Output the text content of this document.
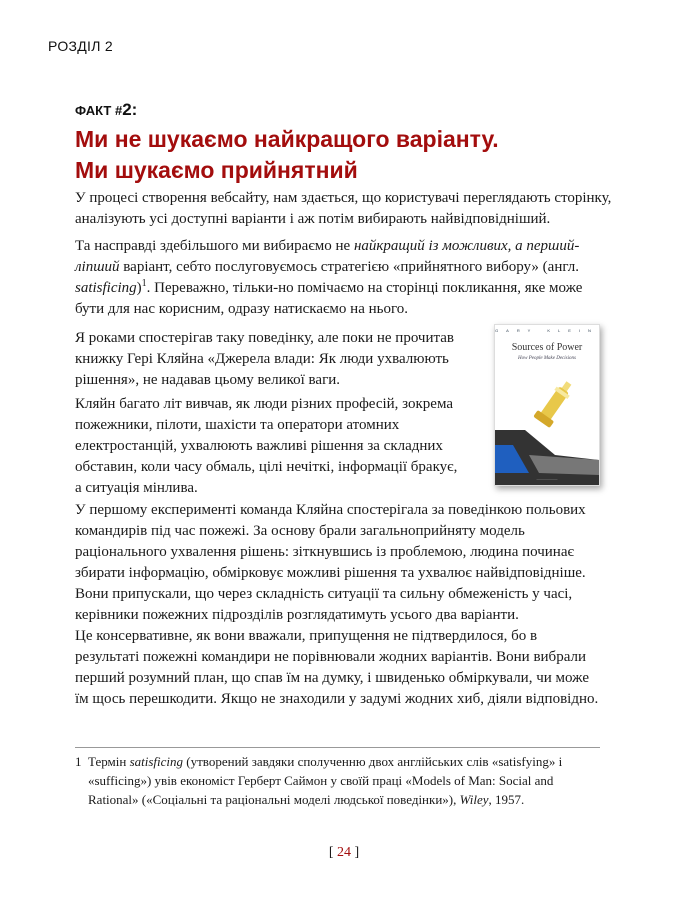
РОЗДІЛ 2
ФАКТ #2:
Ми не шукаємо найкращого варіанту.
Ми шукаємо прийнятний

У процесі створення вебсайту, нам здається, що користувачі переглядають сторінку, аналізують усі доступні варіанти і аж потім вибирають найвідповідніший.

Та насправді здебільшого ми вибираємо не найкращий із можливих, а перший-ліпший варіант, себто послуговуємось стратегією «прийнятного вибору» (англ. satisficing)$^1$. Переважно, тільки-но помічаємо на сторінці покликання, яке може бути для нас корисним, одразу натискаємо на нього.

Я роками спостерігав таку поведінку, але поки не прочитав книжку Гері Кляйна «Джерела влади: Як люди ухвалюють рішення», не надавав цьому великої ваги.

Кляйн багато літ вивчав, як люди різних професій, зокрема пожежники, пілоти, шахісти та оператори атомних електростанцій, ухвалюють важливі рішення за складних обставин, коли часу обмаль, цілі нечіткі, інформації бракує, а ситуація мінлива.

GARY KLEIN
Sources of Power
How People Make Decisions
———————

У першому експерименті команда Кляйна спостерігала за поведінкою польових командирів під час пожежі. За основу брали загальноприйняту модель раціонального ухвалення рішень: зіткнувшись із проблемою, людина починає збирати інформацію, обмірковує можливі рішення та ухвалює найвідповідніше. Вони припускали, що через складність ситуації та сильну обмеженість у часі, керівники пожежних підрозділів розглядатимуть усього два варіанти.

Це консервативне, як вони вважали, припущення не підтвердилося, бо в результаті пожежні командири не порівнювали жодних варіантів. Вони вибрали перший розумний план, що спав їм на думку, і швиденько обміркували, чи може їм щось перешкодити. Якщо не знаходили у задумі жодних хиб, діяли відповідно.

1 Термін satisficing (утворений завдяки сполученню двох англійських слів «satisfying» і «sufficing») увів економіст Герберт Саймон у своїй праці «Models of Man: Social and Rational» («Соціальні та раціональні моделі людської поведінки»), Wiley, 1957.
[ 24 ]
